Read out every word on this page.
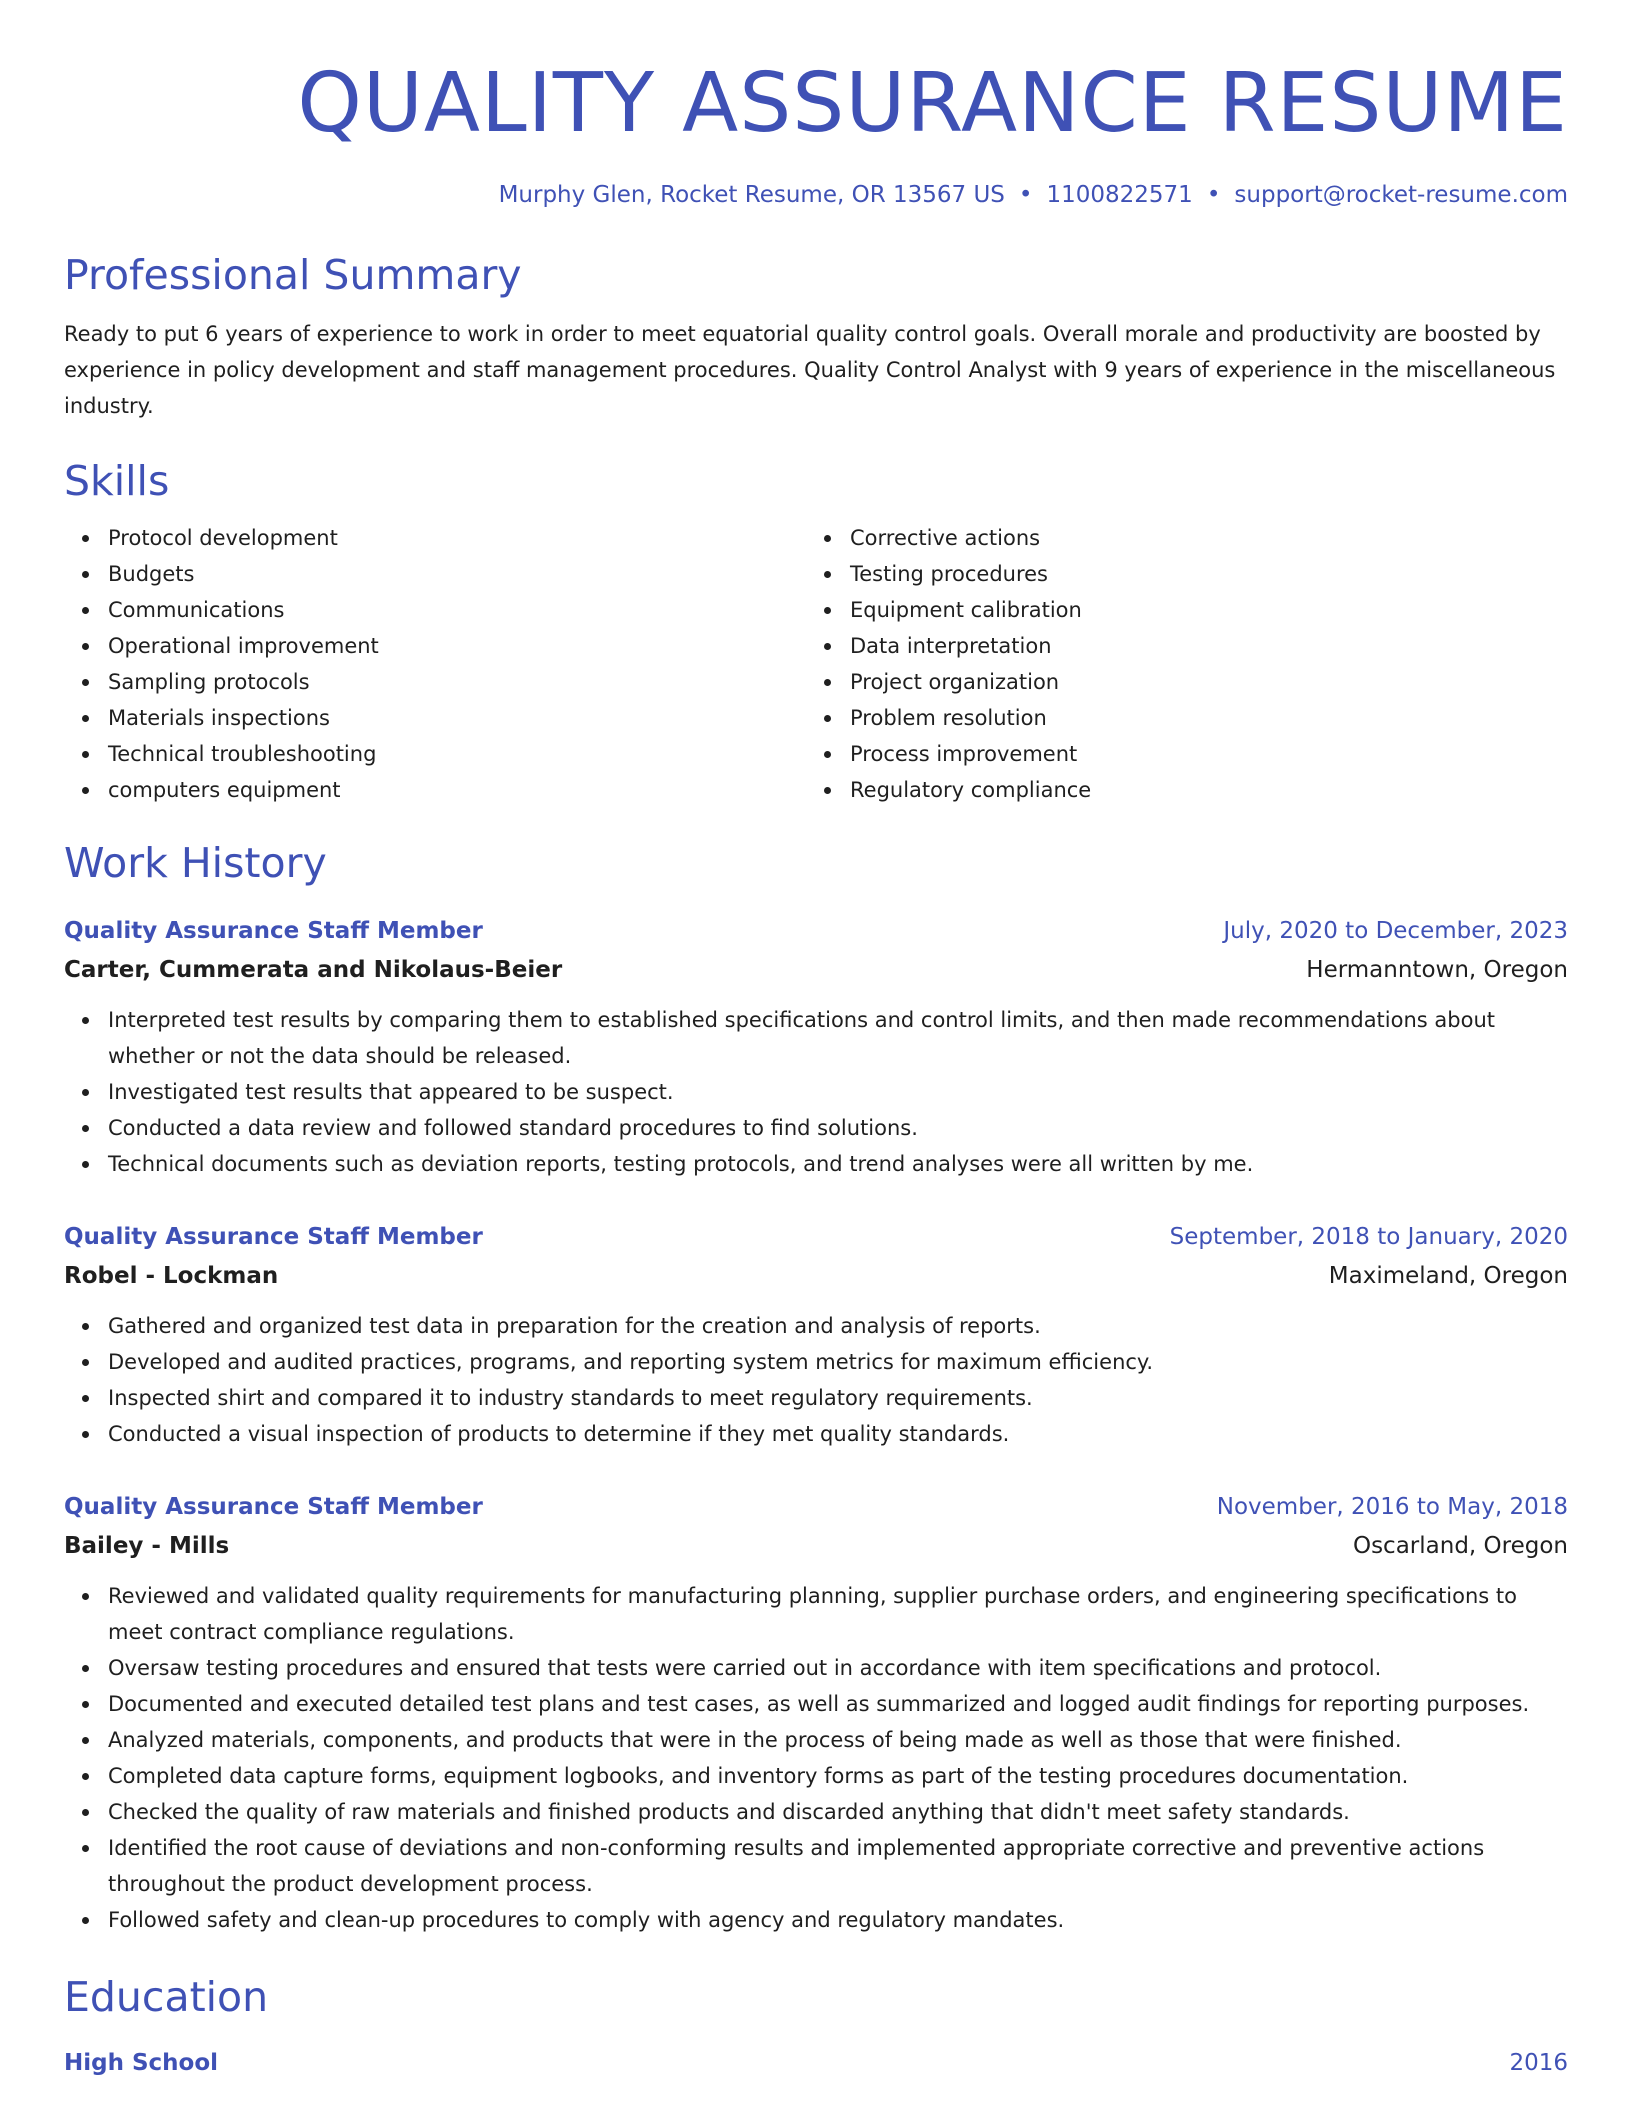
QUALITY ASSURANCE RESUME
Murphy Glen, Rocket Resume, OR 13567 US • 1100822571 • support@rocket-resume.com
Professional Summary

Ready to put 6 years of experience to work in order to meet equatorial quality control goals. Overall morale and productivity are boosted by experience in policy development and staff management procedures. Quality Control Analyst with 9 years of experience in the miscellaneous industry.

Skills
Protocol development
Budgets
Communications
Operational improvement
Sampling protocols
Materials inspections
Technical troubleshooting
computers equipment
Corrective actions
Testing procedures
Equipment calibration
Data interpretation
Project organization
Problem resolution
Process improvement
Regulatory compliance
Work History
Quality Assurance Staff Member	July, 2020 to December, 2023
Carter, Cummerata and Nikolaus-Beier	Hermanntown, Oregon
Interpreted test results by comparing them to established specifications and control limits, and then made recommendations about whether or not the data should be released.
Investigated test results that appeared to be suspect.
Conducted a data review and followed standard procedures to find solutions.
Technical documents such as deviation reports, testing protocols, and trend analyses were all written by me.
Quality Assurance Staff Member	September, 2018 to January, 2020
Robel - Lockman	Maximeland, Oregon
Gathered and organized test data in preparation for the creation and analysis of reports.
Developed and audited practices, programs, and reporting system metrics for maximum efficiency.
Inspected shirt and compared it to industry standards to meet regulatory requirements.
Conducted a visual inspection of products to determine if they met quality standards.
Quality Assurance Staff Member	November, 2016 to May, 2018
Bailey - Mills	Oscarland, Oregon
Reviewed and validated quality requirements for manufacturing planning, supplier purchase orders, and engineering specifications to meet contract compliance regulations.
Oversaw testing procedures and ensured that tests were carried out in accordance with item specifications and protocol.
Documented and executed detailed test plans and test cases, as well as summarized and logged audit findings for reporting purposes.
Analyzed materials, components, and products that were in the process of being made as well as those that were finished.
Completed data capture forms, equipment logbooks, and inventory forms as part of the testing procedures documentation.
Checked the quality of raw materials and finished products and discarded anything that didn't meet safety standards.
Identified the root cause of deviations and non-conforming results and implemented appropriate corrective and preventive actions throughout the product development process.
Followed safety and clean-up procedures to comply with agency and regulatory mandates.
Education
High School	2016
